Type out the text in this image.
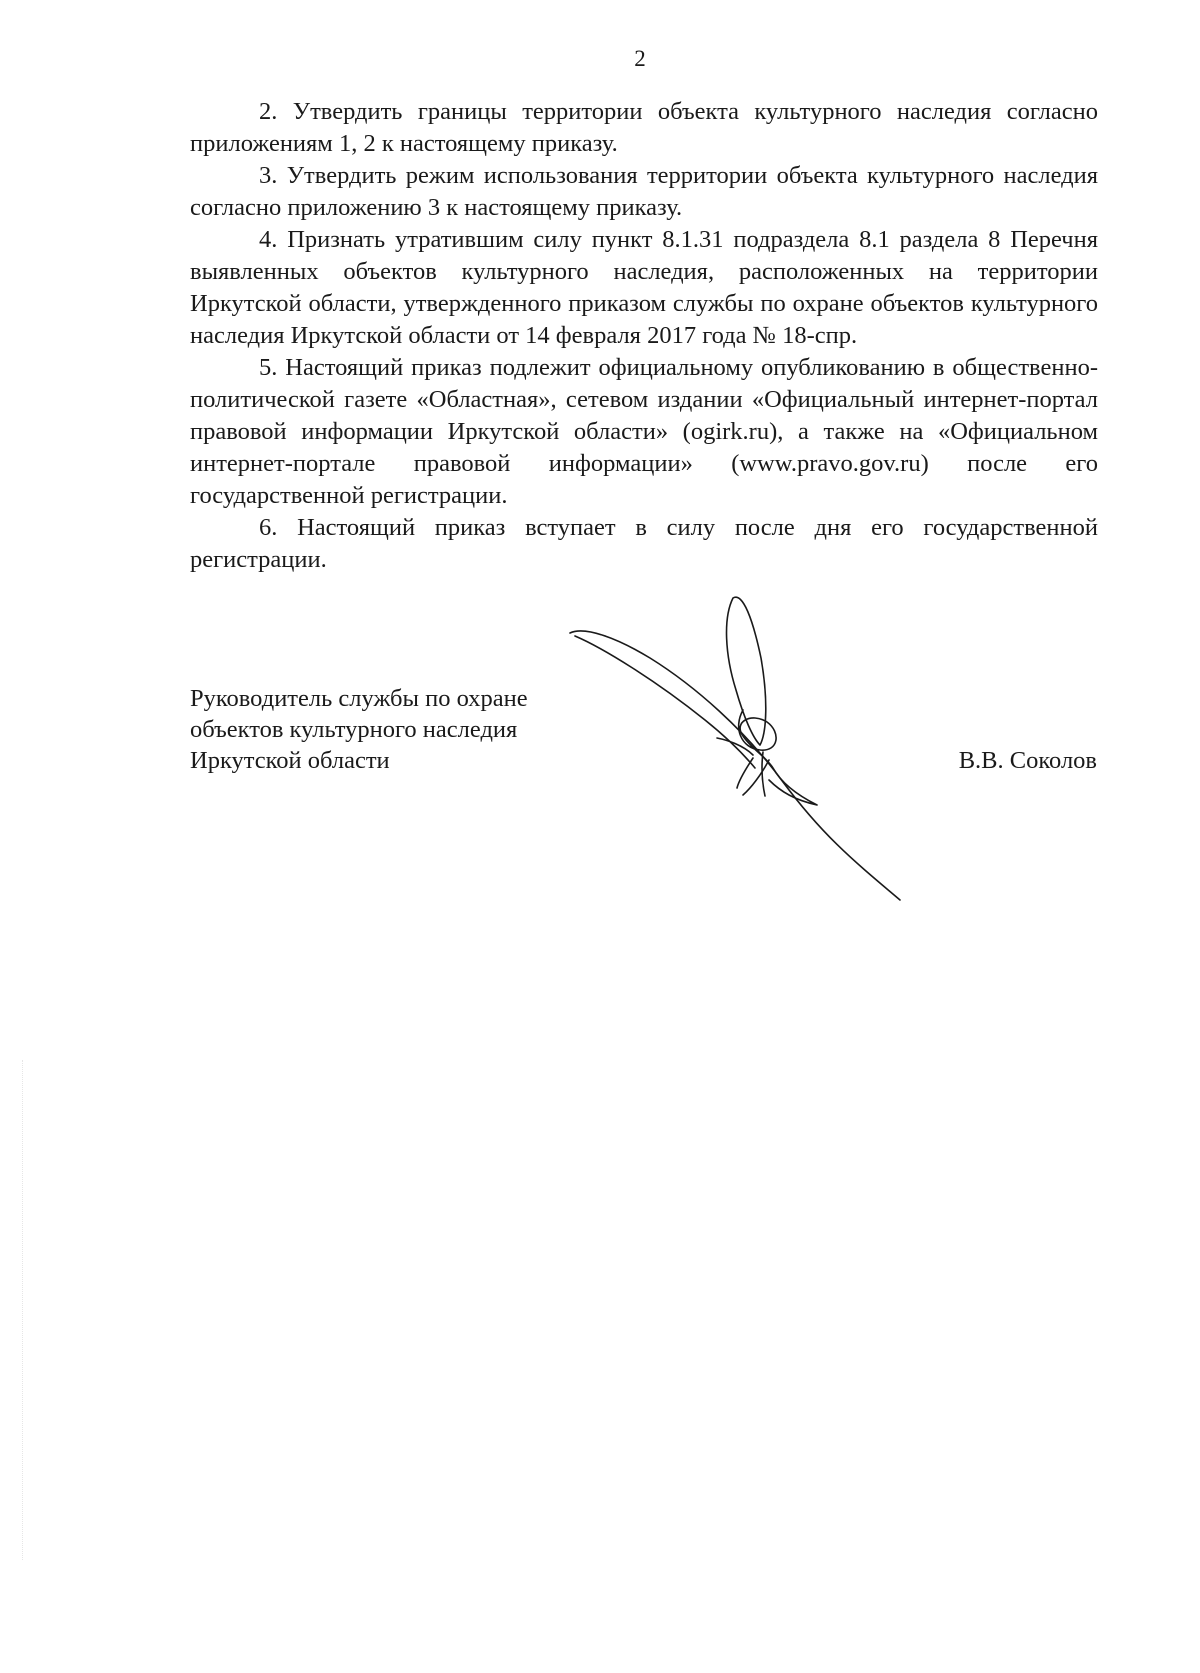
2

2. Утвердить границы территории объекта культурного наследия согласно приложениям 1, 2 к настоящему приказу.

3. Утвердить режим использования территории объекта культурного наследия согласно приложению 3 к настоящему приказу.

4. Признать утратившим силу пункт 8.1.31 подраздела 8.1 раздела 8 Перечня выявленных объектов культурного наследия, расположенных на территории Иркутской области, утвержденного приказом службы по охране объектов культурного наследия Иркутской области от 14 февраля 2017 года № 18-спр.

5. Настоящий приказ подлежит официальному опубликованию в общественно-политической газете «Областная», сетевом издании «Официальный интернет-портал правовой информации Иркутской области» (ogirk.ru), а также на «Официальном интернет-портале правовой информации» (www.pravo.gov.ru) после его государственной регистрации.

6. Настоящий приказ вступает в силу после дня его государственной регистрации.

Руководитель службы по охране
объектов культурного наследия
Иркутской области	В.В. Соколов
